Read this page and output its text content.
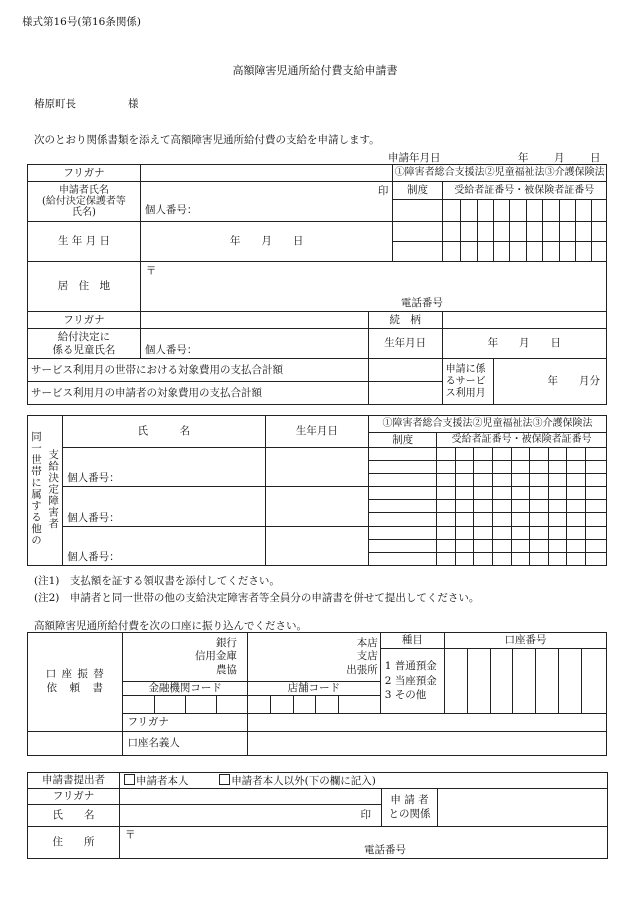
様式第16号(第16条関係)
高額障害児通所給付費支給申請書
椿原町長	様
次のとおり関係書類を添えて高額障害児通所給付費の支給を申請します。
申請年月日	年 月 日
フリガナ			①障害者総合支援法②児童福祉法③介護保険法										
申請者氏名
(給付決定保護者等
氏名)	印		制度	受給者証番号・被保険者証番号									
	個人番号：												
生 年 月 日	年　　月　　日												

居　住　地	〒
電話番号												

フリガナ		続　柄											
給付決定に
係る児童氏名	個人番号：	生年月日		年　　月　　日									
サービス利用月の世帯における対象費用の支払合計額				申請に係
るサービ
ス利用月			年　　月分						
サービス利用月の申請者の対象費用の支払合計額													
同一世帯に属する他の	支給決定障害者	氏　　　名	生年月日	①障害者総合支援法②児童福祉法③介護保険法									
				制度	受給者証番号・被保険者証番号								
		個人番号：											

		個人番号：											

		個人番号：											

(注1)　支払額を証する領収書を添付してください。
(注2)　申請者と同一世帯の他の支給決定障害者等全員分の申請書を併せて提出してください。
高額障害児通所給付費を次の口座に振り込んでください。
口 座 振 替
依　頼　書	銀行
信用金庫
農協				本店
支店
出張所					種目	口座番号						
										1 普通預金
2 当座預金
3 その他							

	金融機関コード				店舗コード												

	フリガナ																
	口座名義人																
申請書提出者	申請者本人 申請者本人以外(下の欄に記入)		
フリガナ		申 請 者
との関係	
氏　　名	印		
住　　所	〒
電話番号		
